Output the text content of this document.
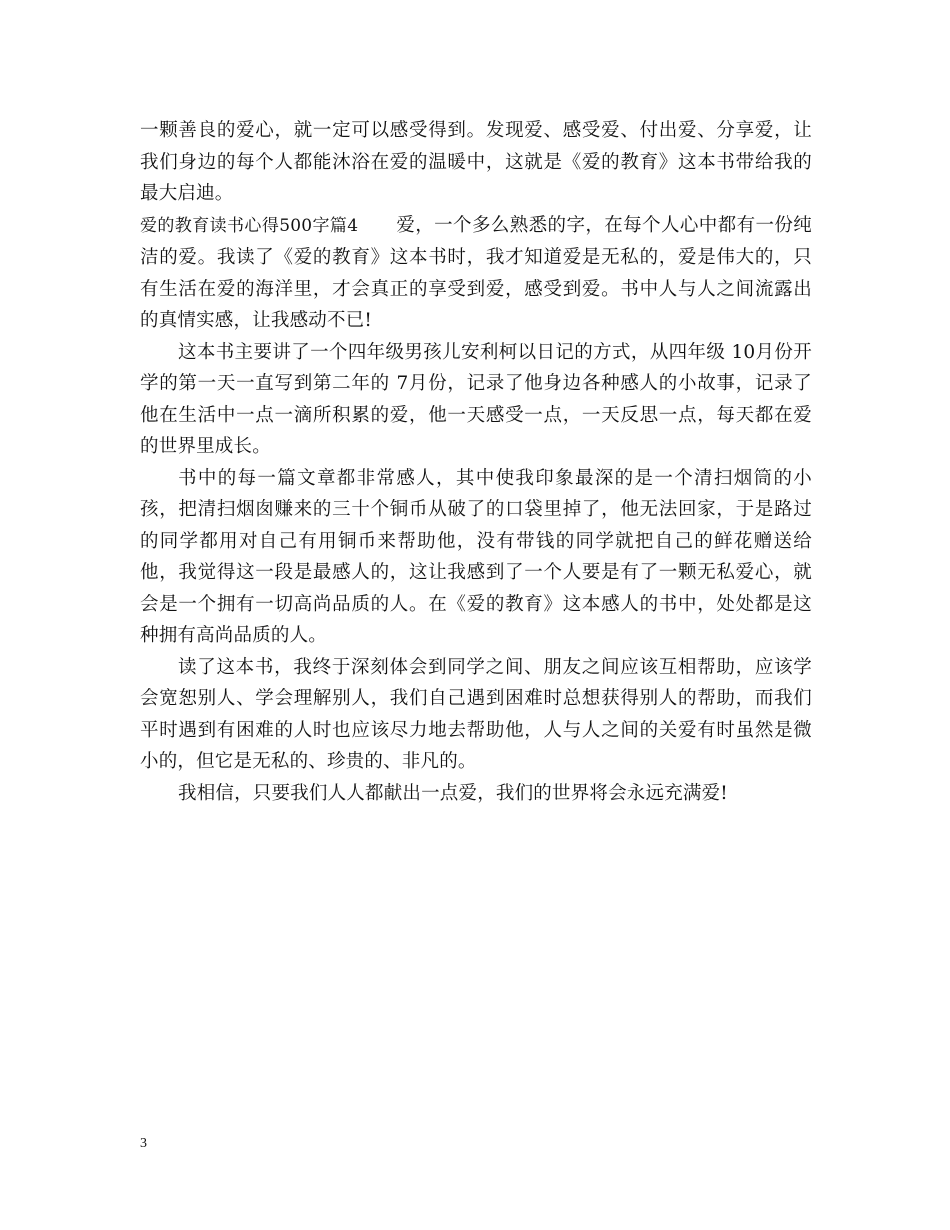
一颗善良的爱心，就一定可以感受得到。发现爱、感受爱、付出爱、分享爱，让我们身边的每个人都能沐浴在爱的温暖中，这就是《爱的教育》这本书带给我的最大启迪。

爱的教育读书心得500字篇4　　 爱，一个多么熟悉的字，在每个人心中都有一份纯洁的爱。我读了《爱的教育》这本书时，我才知道爱是无私的，爱是伟大的，只有生活在爱的海洋里，才会真正的享受到爱，感受到爱。书中人与人之间流露出的真情实感，让我感动不已!

这本书主要讲了一个四年级男孩儿安利柯以日记的方式，从四年级 10月份开学的第一天一直写到第二年的 7月份，记录了他身边各种感人的小故事，记录了他在生活中一点一滴所积累的爱，他一天感受一点，一天反思一点，每天都在爱的世界里成长。

书中的每一篇文章都非常感人，其中使我印象最深的是一个清扫烟筒的小孩，把清扫烟囱赚来的三十个铜币从破了的口袋里掉了，他无法回家，于是路过的同学都用对自己有用铜币来帮助他，没有带钱的同学就把自己的鲜花赠送给他，我觉得这一段是最感人的，这让我感到了一个人要是有了一颗无私爱心，就会是一个拥有一切高尚品质的人。在《爱的教育》这本感人的书中，处处都是这种拥有高尚品质的人。

读了这本书，我终于深刻体会到同学之间、朋友之间应该互相帮助，应该学会宽恕别人、学会理解别人，我们自己遇到困难时总想获得别人的帮助，而我们平时遇到有困难的人时也应该尽力地去帮助他，人与人之间的关爱有时虽然是微小的，但它是无私的、珍贵的、非凡的。

我相信，只要我们人人都献出一点爱，我们的世界将会永远充满爱!

3
